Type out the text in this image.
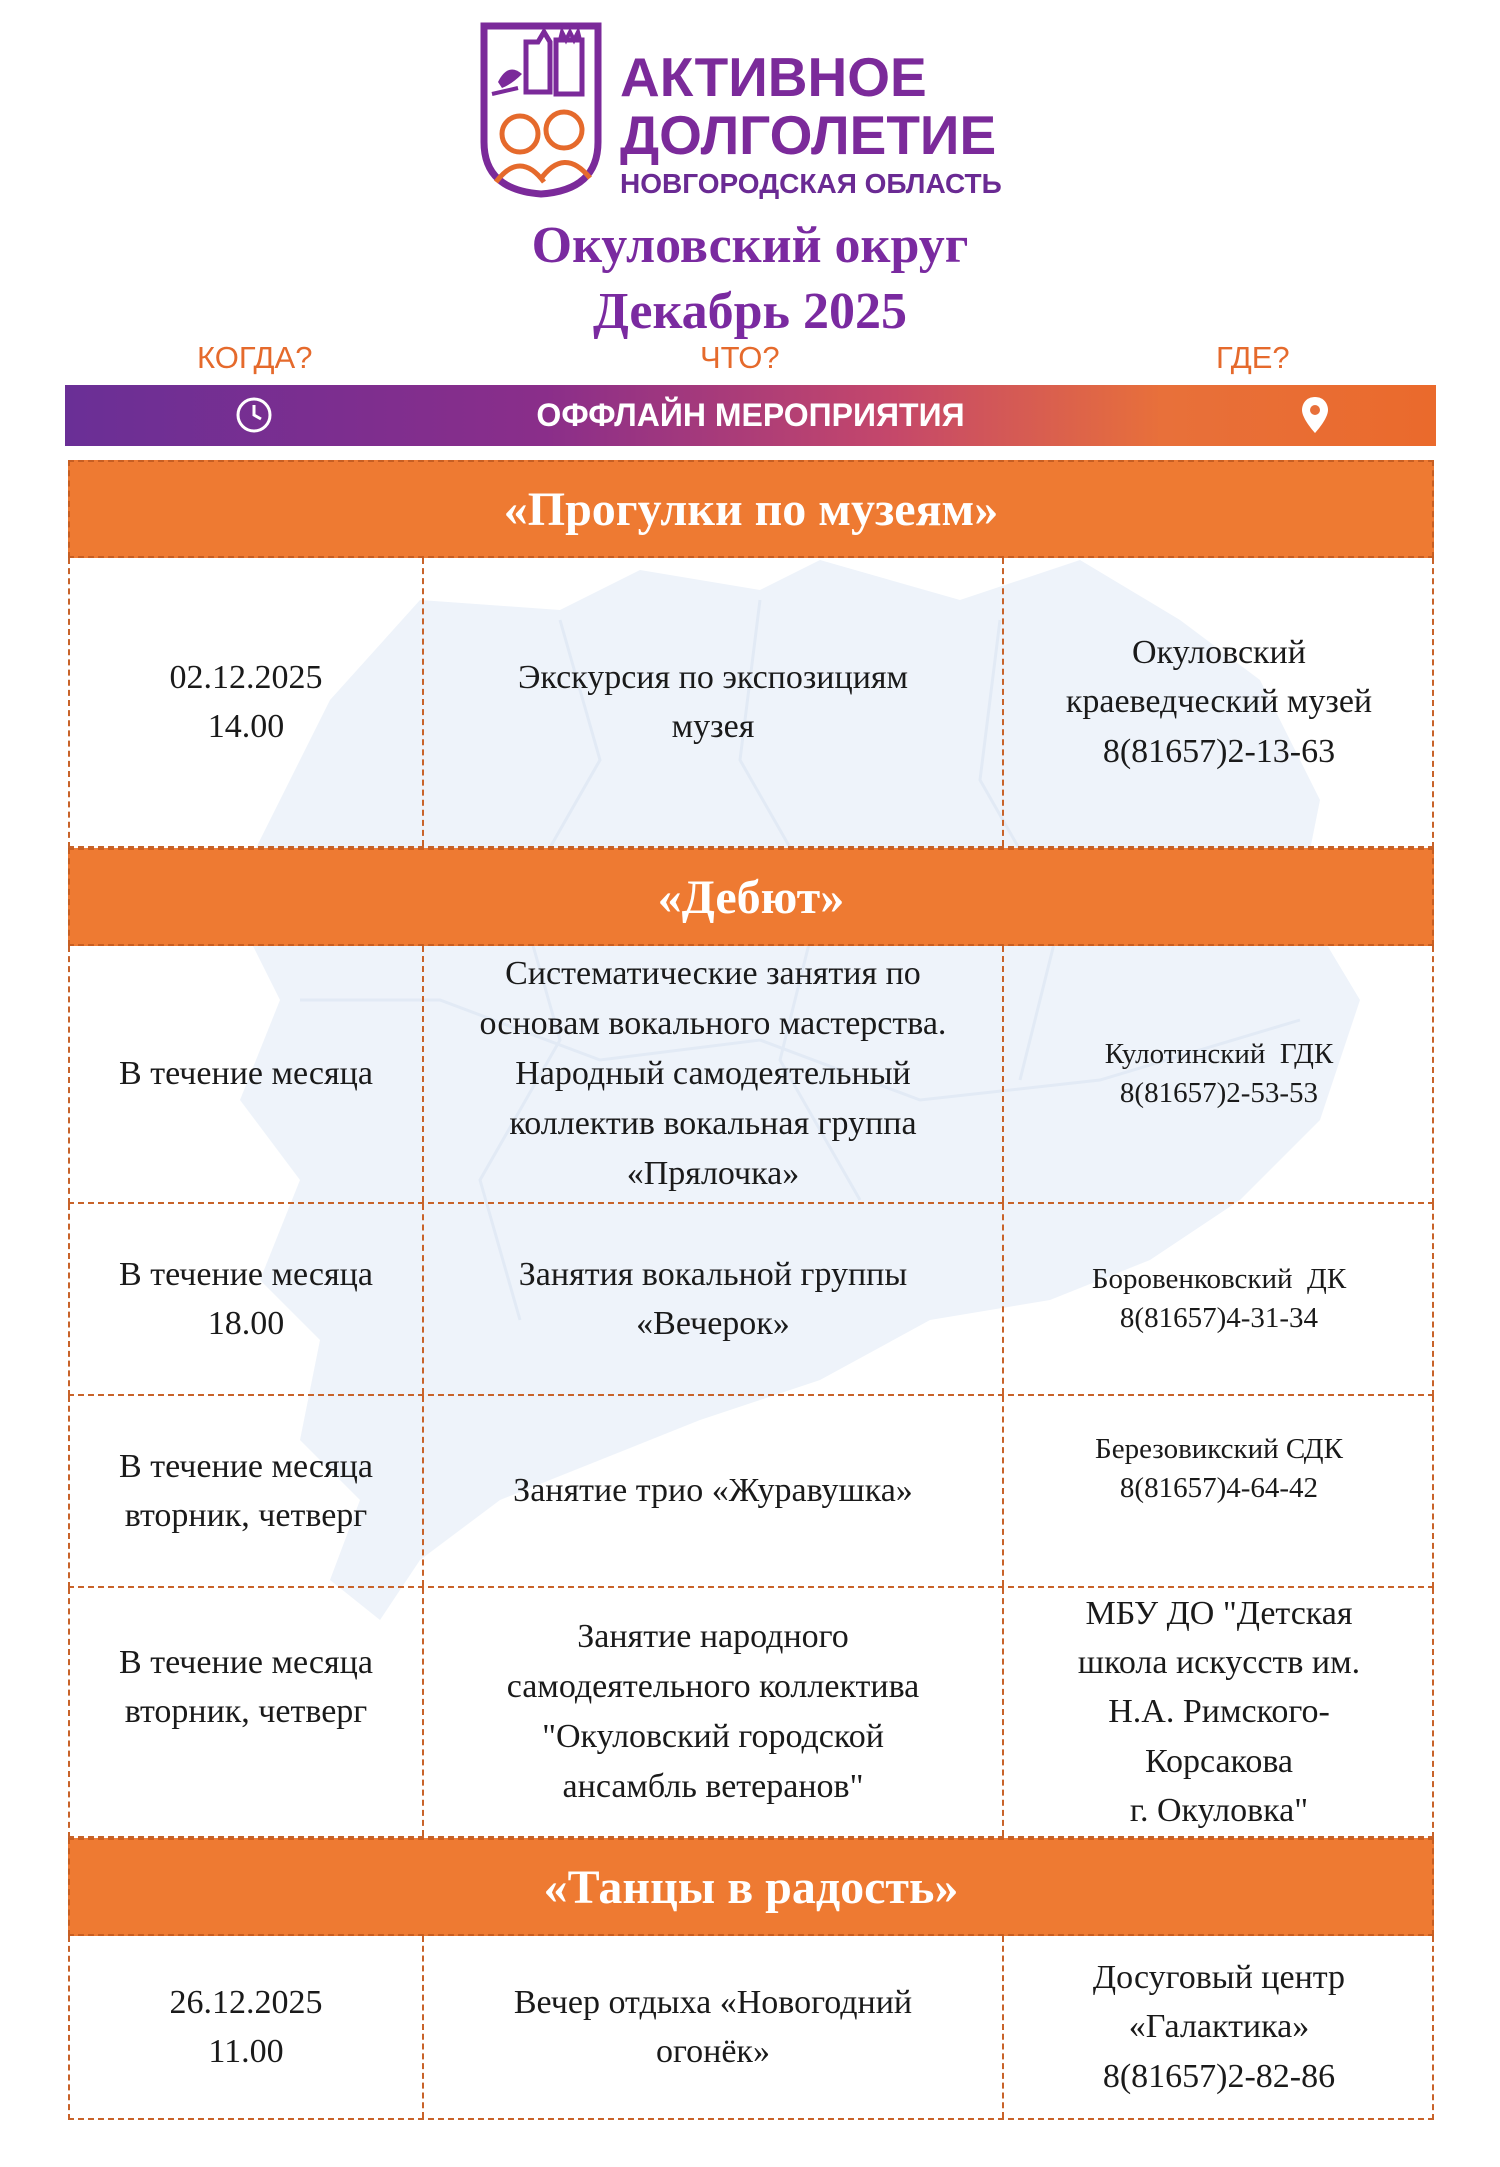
АКТИВНОЕ
ДОЛГОЛЕТИЕ
НОВГОРОДСКАЯ ОБЛАСТЬ
Окуловский округ
Декабрь 2025
КОГДА?	ЧТО?	ГДЕ?
ОФФЛАЙН МЕРОПРИЯТИЯ
«Прогулки по музеям»
02.12.2025
14.00
Экскурсия по экспозициям
музея
Окуловский
краеведческий музей
8(81657)2-13-63
«Дебют»
В течение месяца
Систематические занятия по
основам вокального мастерства.
Народный самодеятельный
коллектив вокальная группа
«Прялочка»
Кулотинский  ГДК
8(81657)2-53-53
В течение месяца
18.00
Занятия вокальной группы
«Вечерок»
Боровенковский  ДК
8(81657)4-31-34
В течение месяца
вторник, четверг
Занятие трио «Журавушка»
Березовикский СДК
8(81657)4-64-42
В течение месяца
вторник, четверг
Занятие народного
самодеятельного коллектива
"Окуловский городской
ансамбль ветеранов"
МБУ ДО "Детская
школа искусств им.
Н.А. Римского-
Корсакова
г. Окуловка"
«Танцы в радость»
26.12.2025
11.00
Вечер отдыха «Новогодний
огонёк»
Досуговый центр
«Галактика»
8(81657)2-82-86
